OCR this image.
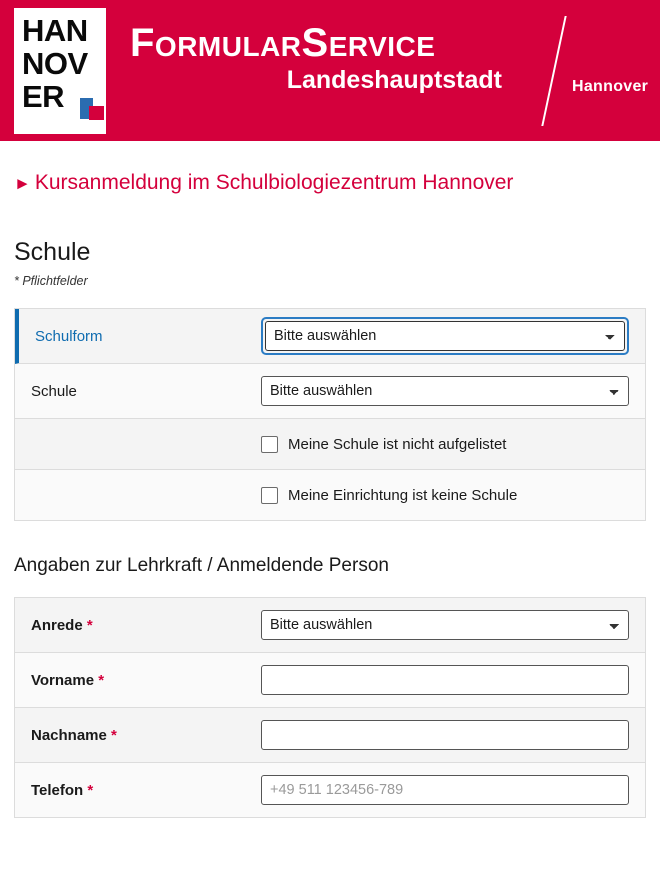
HAN
NOV
ER
FormularService
Landeshauptstadt	Hannover
► Kursanmeldung im Schulbiologiezentrum Hannover
Schule
* Pflichtfelder
Schulform
Bitte auswählen
Schule
Bitte auswählen
Meine Schule ist nicht aufgelistet
Meine Einrichtung ist keine Schule
Angaben zur Lehrkraft / Anmeldende Person
Anrede *
Bitte auswählen
Vorname *
Nachname *
Telefon *
+49 511 123456-789
